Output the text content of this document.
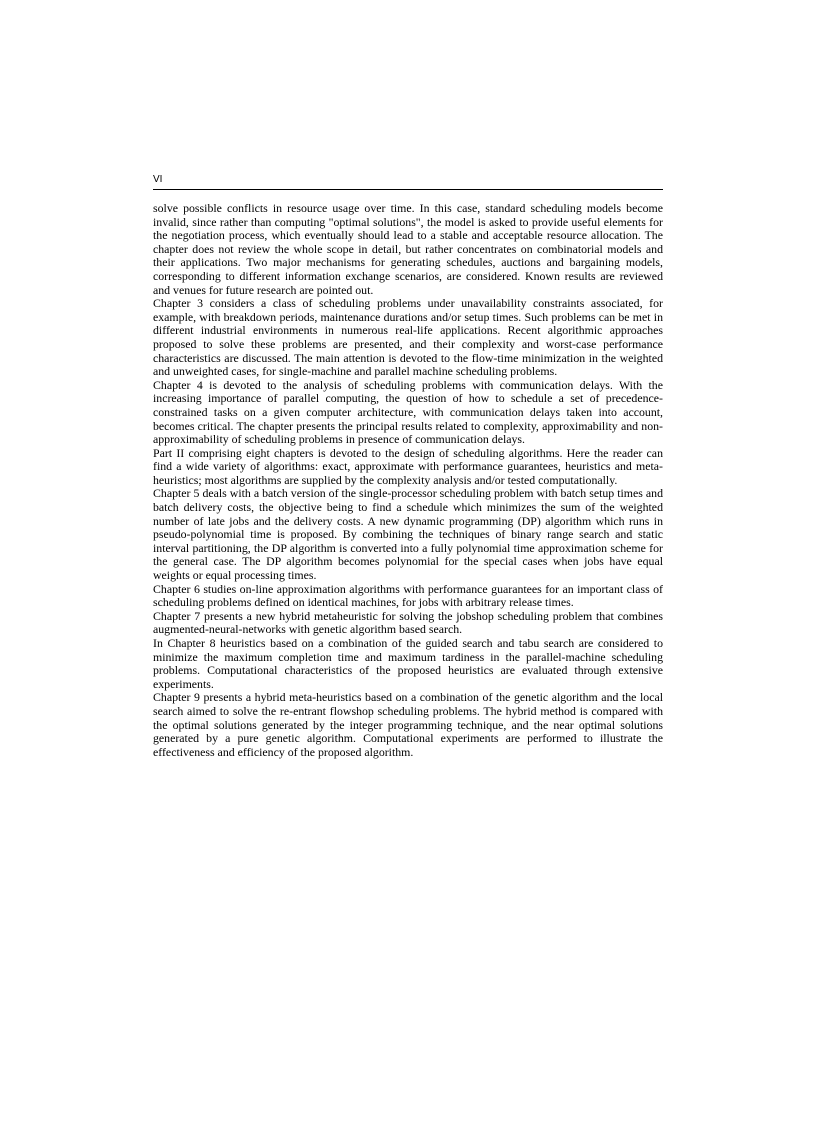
VI

solve possible conflicts in resource usage over time. In this case, standard scheduling models become invalid, since rather than computing "optimal solutions", the model is asked to provide useful elements for the negotiation process, which eventually should lead to a stable and acceptable resource allocation. The chapter does not review the whole scope in detail, but rather concentrates on combinatorial models and their applications. Two major mechanisms for generating schedules, auctions and bargaining models, corresponding to different information exchange scenarios, are considered. Known results are reviewed and venues for future research are pointed out.

Chapter 3 considers a class of scheduling problems under unavailability constraints associated, for example, with breakdown periods, maintenance durations and/or setup times. Such problems can be met in different industrial environments in numerous real-life applications. Recent algorithmic approaches proposed to solve these problems are presented, and their complexity and worst-case performance characteristics are discussed. The main attention is devoted to the flow-time minimization in the weighted and unweighted cases, for single-machine and parallel machine scheduling problems.

Chapter 4 is devoted to the analysis of scheduling problems with communication delays. With the increasing importance of parallel computing, the question of how to schedule a set of precedence-constrained tasks on a given computer architecture, with communication delays taken into account, becomes critical. The chapter presents the principal results related to complexity, approximability and non-approximability of scheduling problems in presence of communication delays.

Part II comprising eight chapters is devoted to the design of scheduling algorithms. Here the reader can find a wide variety of algorithms: exact, approximate with performance guarantees, heuristics and meta-heuristics; most algorithms are supplied by the complexity analysis and/or tested computationally.

Chapter 5 deals with a batch version of the single-processor scheduling problem with batch setup times and batch delivery costs, the objective being to find a schedule which minimizes the sum of the weighted number of late jobs and the delivery costs. A new dynamic programming (DP) algorithm which runs in pseudo-polynomial time is proposed. By combining the techniques of binary range search and static interval partitioning, the DP algorithm is converted into a fully polynomial time approximation scheme for the general case. The DP algorithm becomes polynomial for the special cases when jobs have equal weights or equal processing times.

Chapter 6 studies on-line approximation algorithms with performance guarantees for an important class of scheduling problems defined on identical machines, for jobs with arbitrary release times.

Chapter 7 presents a new hybrid metaheuristic for solving the jobshop scheduling problem that combines augmented-neural-networks with genetic algorithm based search.

In Chapter 8 heuristics based on a combination of the guided search and tabu search are considered to minimize the maximum completion time and maximum tardiness in the parallel-machine scheduling problems. Computational characteristics of the proposed heuristics are evaluated through extensive experiments.

Chapter 9 presents a hybrid meta-heuristics based on a combination of the genetic algorithm and the local search aimed to solve the re-entrant flowshop scheduling problems. The hybrid method is compared with the optimal solutions generated by the integer programming technique, and the near optimal solutions generated by a pure genetic algorithm. Computational experiments are performed to illustrate the effectiveness and efficiency of the proposed algorithm.
